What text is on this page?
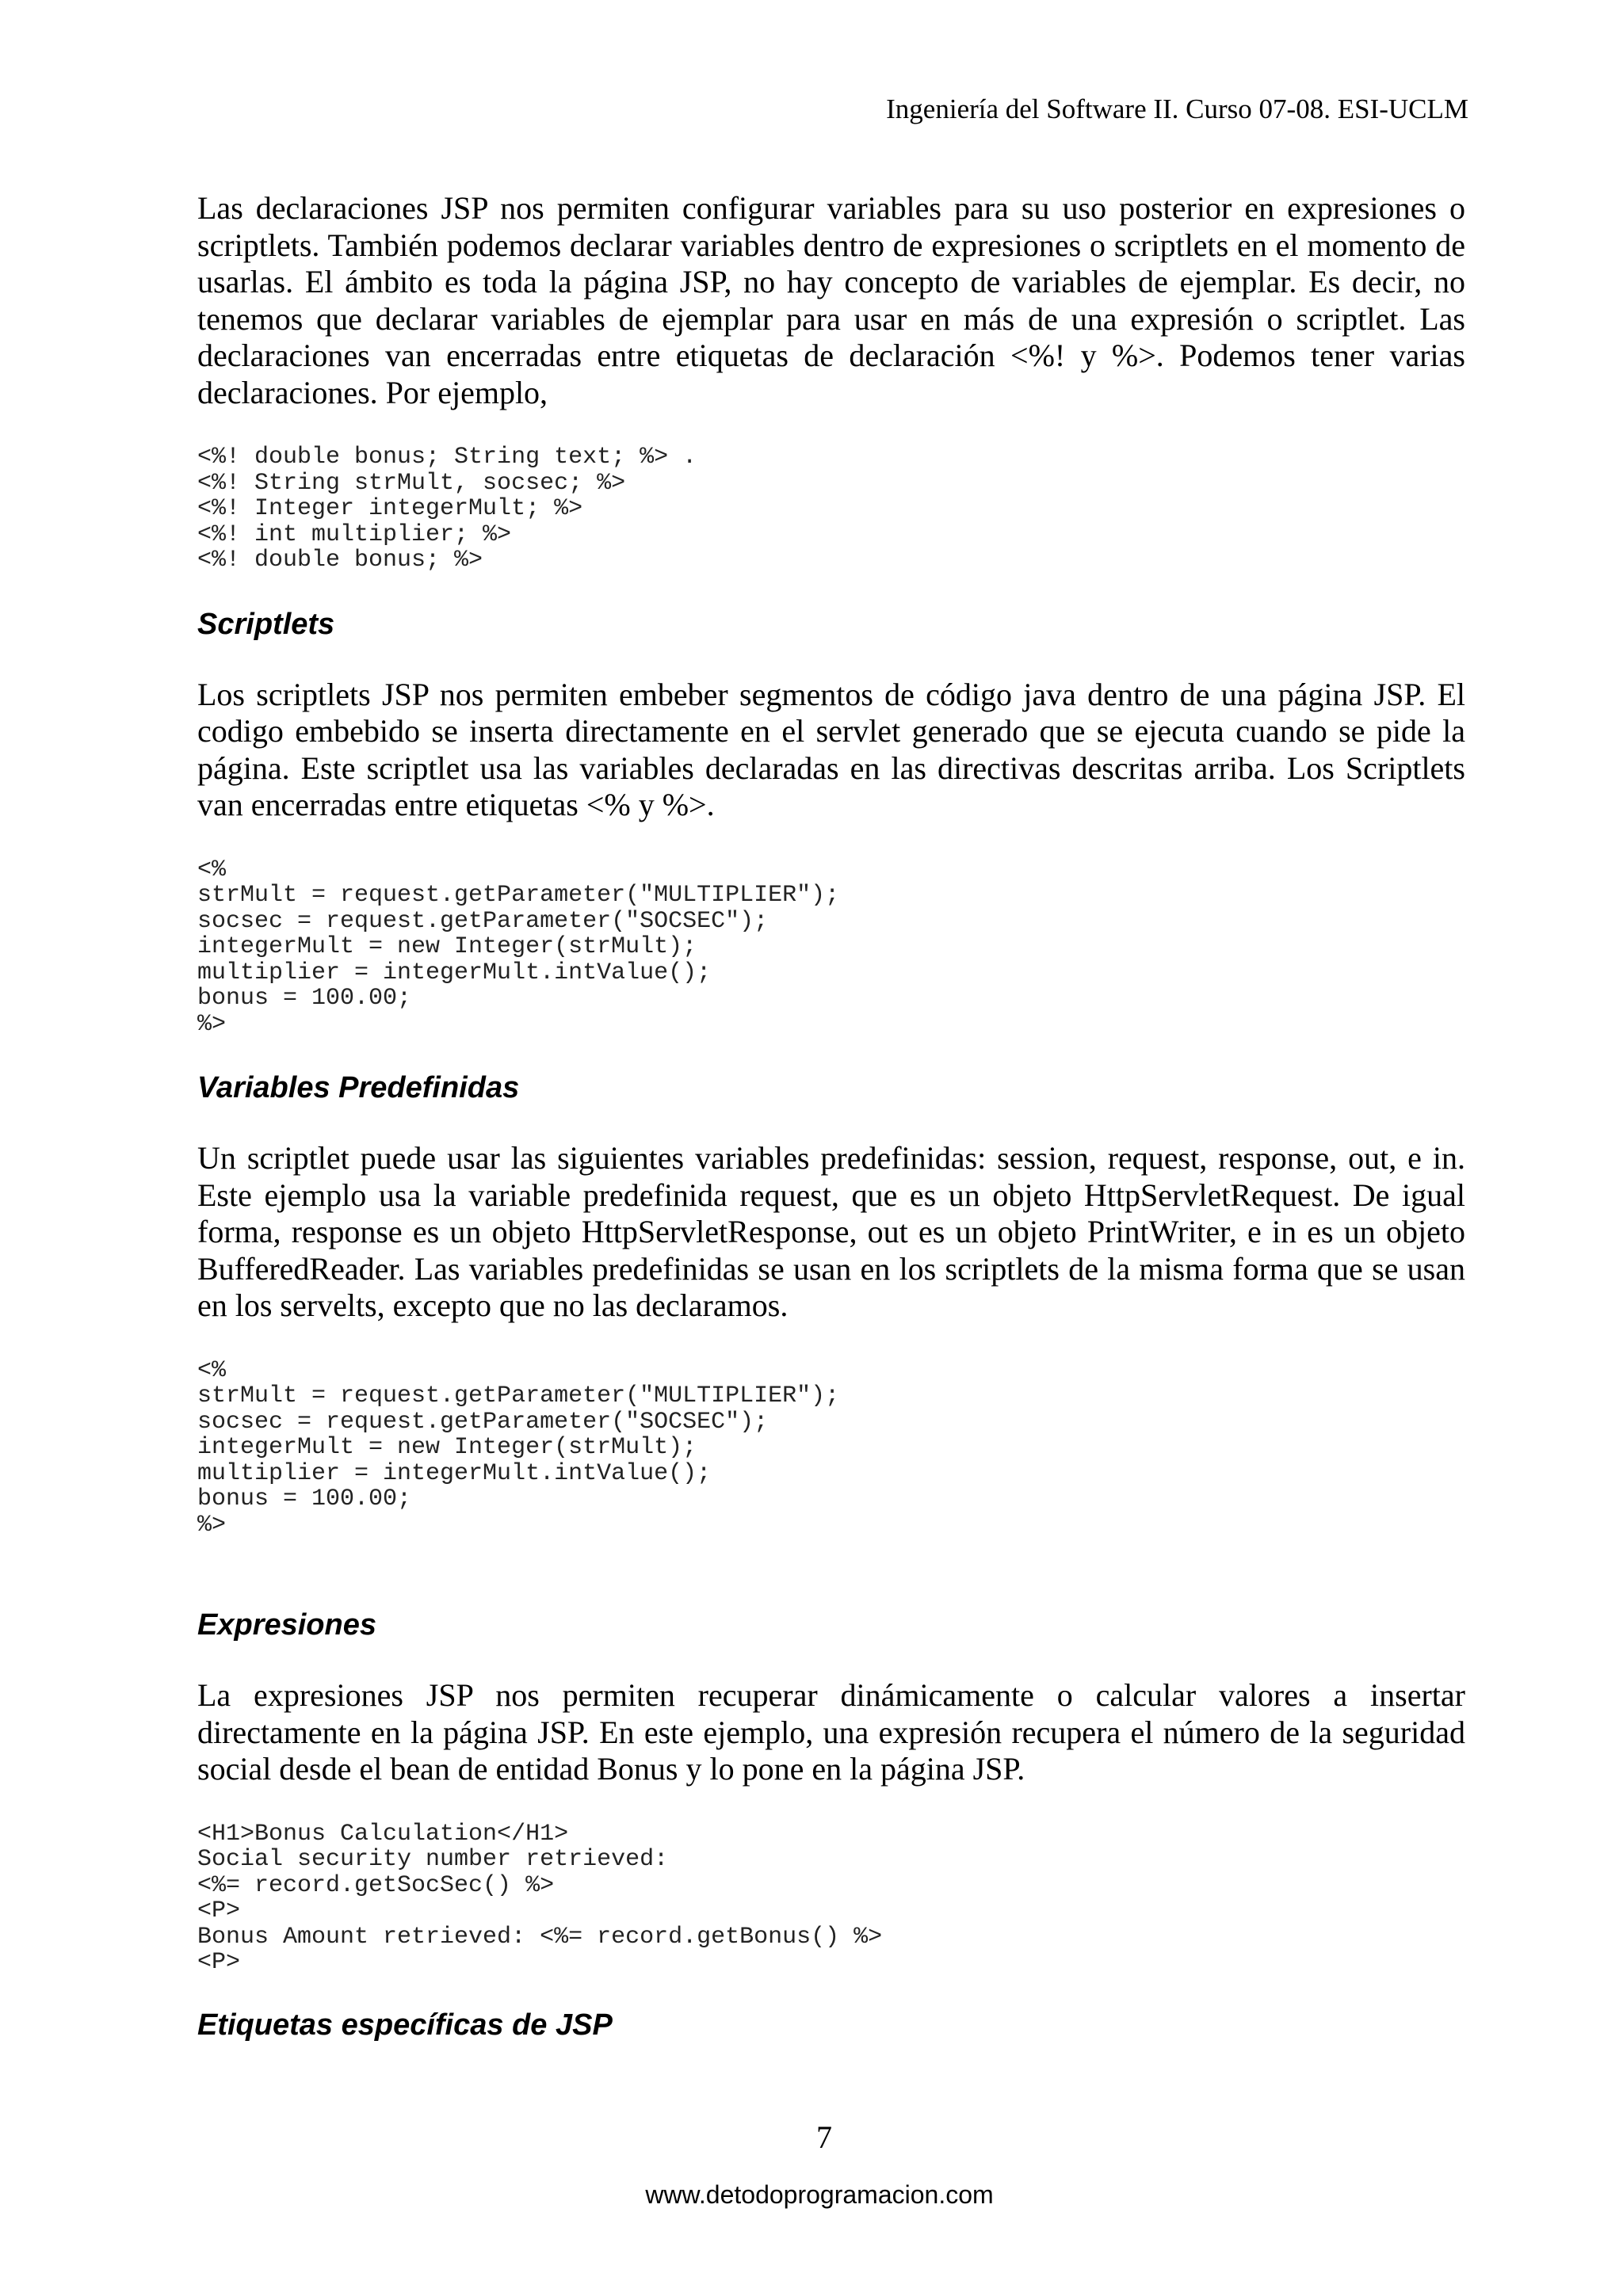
Ingeniería del Software II. Curso 07-08. ESI-UCLM

Las declaraciones JSP nos permiten configurar variables para su uso posterior en expresiones o scriptlets. También podemos declarar variables dentro de expresiones o scriptlets en el momento de usarlas. El ámbito es toda la página JSP, no hay concepto de variables de ejemplar. Es decir, no tenemos que declarar variables de ejemplar para usar en más de una expresión o scriptlet. Las declaraciones van encerradas entre etiquetas de declaración <%! y %>. Podemos tener varias declaraciones. Por ejemplo,

<%! double bonus; String text; %> .
<%! String strMult, socsec; %>
<%! Integer integerMult; %>
<%! int multiplier; %>
<%! double bonus; %>
Scriptlets

Los scriptlets JSP nos permiten embeber segmentos de código java dentro de una página JSP. El codigo embebido se inserta directamente en el servlet generado que se ejecuta cuando se pide la página. Este scriptlet usa las variables declaradas en las directivas descritas arriba. Los Scriptlets van encerradas entre etiquetas <% y %>.

<%
strMult = request.getParameter("MULTIPLIER");
socsec = request.getParameter("SOCSEC");
integerMult = new Integer(strMult);
multiplier = integerMult.intValue();
bonus = 100.00;
%>
Variables Predefinidas

Un scriptlet puede usar las siguientes variables predefinidas: session, request, response, out, e in. Este ejemplo usa la variable predefinida request, que es un objeto HttpServletRequest. De igual forma, response es un objeto HttpServletResponse, out es un objeto PrintWriter, e in es un objeto BufferedReader. Las variables predefinidas se usan en los scriptlets de la misma forma que se usan en los servelts, excepto que no las declaramos.

<%
strMult = request.getParameter("MULTIPLIER");
socsec = request.getParameter("SOCSEC");
integerMult = new Integer(strMult);
multiplier = integerMult.intValue();
bonus = 100.00;
%>
Expresiones

La expresiones JSP nos permiten recuperar dinámicamente o calcular valores a insertar directamente en la página JSP. En este ejemplo, una expresión recupera el número de la seguridad social desde el bean de entidad Bonus y lo pone en la página JSP.

<H1>Bonus Calculation</H1>
Social security number retrieved:
<%= record.getSocSec() %>
<P>
Bonus Amount retrieved: <%= record.getBonus() %>
<P>
Etiquetas específicas de JSP
7
www.detodoprogramacion.com
